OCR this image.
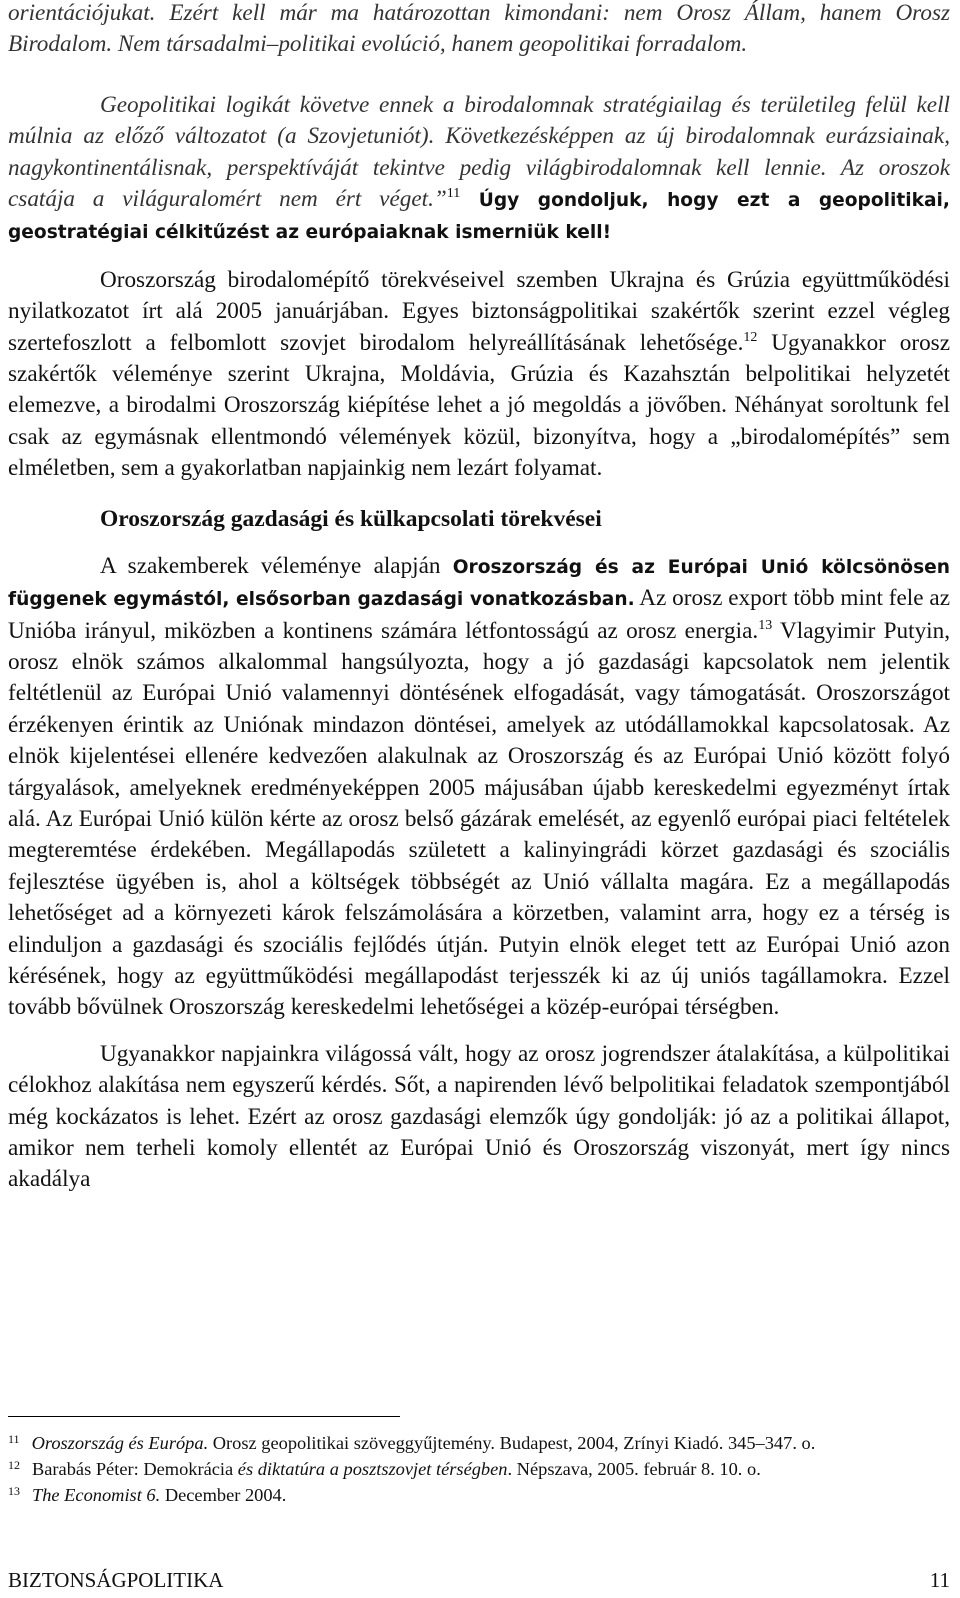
orientációjukat. Ezért kell már ma határozottan kimondani: nem Orosz Állam, hanem Orosz Birodalom. Nem társadalmi–politikai evolúció, hanem geopolitikai forradalom.

Geopolitikai logikát követve ennek a birodalomnak stratégiailag és területileg felül kell múlnia az előző változatot (a Szovjetuniót). Következésképpen az új birodalomnak eurázsiainak, nagykontinentálisnak, perspektíváját tekintve pedig világbirodalomnak kell lennie. Az oroszok csatája a világuralomért nem ért véget.”$^{11}$ Úgy gondoljuk, hogy ezt a geopolitikai, geostratégiai célkitűzést az európaiaknak ismerniük kell!

Oroszország birodalomépítő törekvéseivel szemben Ukrajna és Grúzia együttműködési nyilatkozatot írt alá 2005 januárjában. Egyes biztonságpolitikai szakértők szerint ezzel végleg szertefoszlott a felbomlott szovjet birodalom helyreállításának lehetősége.$^{12}$ Ugyanakkor orosz szakértők véleménye szerint Ukrajna, Moldávia, Grúzia és Kazahsztán belpolitikai helyzetét elemezve, a birodalmi Oroszország kiépítése lehet a jó megoldás a jövőben. Néhányat soroltunk fel csak az egymásnak ellentmondó vélemények közül, bizonyítva, hogy a „birodalomépítés” sem elméletben, sem a gyakorlatban napjainkig nem lezárt folyamat.

Oroszország gazdasági és külkapcsolati törekvései

A szakemberek véleménye alapján Oroszország és az Európai Unió kölcsönösen függenek egymástól, elsősorban gazdasági vonatkozásban. Az orosz export több mint fele az Unióba irányul, miközben a kontinens számára létfontosságú az orosz energia.$^{13}$ Vlagyimir Putyin, orosz elnök számos alkalommal hangsúlyozta, hogy a jó gazdasági kapcsolatok nem jelentik feltétlenül az Európai Unió valamennyi döntésének elfogadását, vagy támogatását. Oroszországot érzékenyen érintik az Uniónak mindazon döntései, amelyek az utódállamokkal kapcsolatosak. Az elnök kijelentései ellenére kedvezően alakulnak az Oroszország és az Európai Unió között folyó tárgyalások, amelyeknek eredményeképpen 2005 májusában újabb kereskedelmi egyezményt írtak alá. Az Európai Unió külön kérte az orosz belső gázárak emelését, az egyenlő európai piaci feltételek megteremtése érdekében. Megállapodás született a kalinyingrádi körzet gazdasági és szociális fejlesztése ügyében is, ahol a költségek többségét az Unió vállalta magára. Ez a megállapodás lehetőséget ad a környezeti károk felszámolására a körzetben, valamint arra, hogy ez a térség is elinduljon a gazdasági és szociális fejlődés útján. Putyin elnök eleget tett az Európai Unió azon kérésének, hogy az együttműködési megállapodást terjesszék ki az új uniós tagállamokra. Ezzel tovább bővülnek Oroszország kereskedelmi lehetőségei a közép-európai térségben.

Ugyanakkor napjainkra világossá vált, hogy az orosz jogrendszer átalakítása, a külpolitikai célokhoz alakítása nem egyszerű kérdés. Sőt, a napirenden lévő belpolitikai feladatok szempontjából még kockázatos is lehet. Ezért az orosz gazdasági elemzők úgy gondolják: jó az a politikai állapot, amikor nem terheli komoly ellentét az Európai Unió és Oroszország viszonyát, mert így nincs akadálya

$^{11}$ Oroszország és Európa. Orosz geopolitikai szöveggyűjtemény. Budapest, 2004, Zrínyi Kiadó. 345–347. o.
$^{12}$ Barabás Péter: Demokrácia és diktatúra a posztszovjet térségben. Népszava, 2005. február 8. 10. o.
$^{13}$ The Economist 6. December 2004.
BIZTONSÁGPOLITIKA	11
